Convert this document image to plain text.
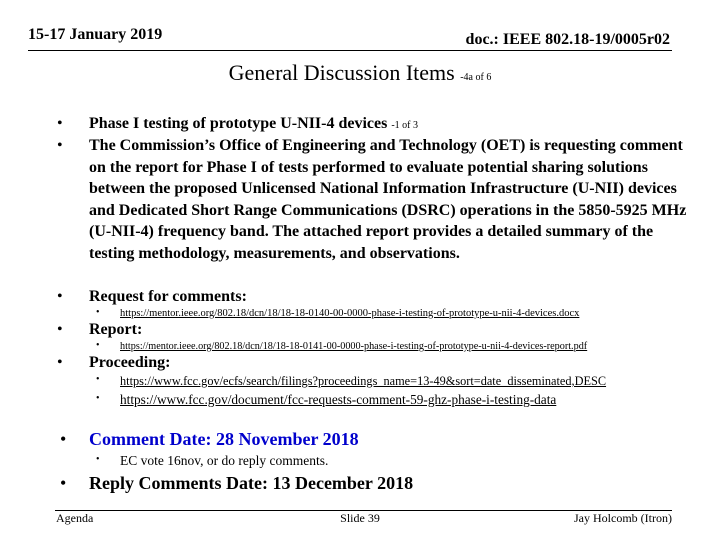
15-17 January 2019	doc.: IEEE 802.18-19/0005r02
General Discussion Items -4a of 6
• Phase I testing of prototype U-NII-4 devices -1 of 3
• The Commission’s Office of Engineering and Technology (OET) is requesting comment on the report for Phase I of tests performed to evaluate potential sharing solutions between the proposed Unlicensed National Information Infrastructure (U-NII) devices and Dedicated Short Range Communications (DSRC) operations in the 5850-5925 MHz (U-NII-4) frequency band. The attached report provides a detailed summary of the testing methodology, measurements, and observations.
• Request for comments:
• https://mentor.ieee.org/802.18/dcn/18/18-18-0140-00-0000-phase-i-testing-of-prototype-u-nii-4-devices.docx
• Report:
• https://mentor.ieee.org/802.18/dcn/18/18-18-0141-00-0000-phase-i-testing-of-prototype-u-nii-4-devices-report.pdf
• Proceeding:
• https://www.fcc.gov/ecfs/search/filings?proceedings_name=13-49&sort=date_disseminated,DESC
• https://www.fcc.gov/document/fcc-requests-comment-59-ghz-phase-i-testing-data
• Comment Date: 28 November 2018
• EC vote 16nov, or do reply comments.
• Reply Comments Date: 13 December 2018
Agenda	Slide 39	Jay Holcomb (Itron)
